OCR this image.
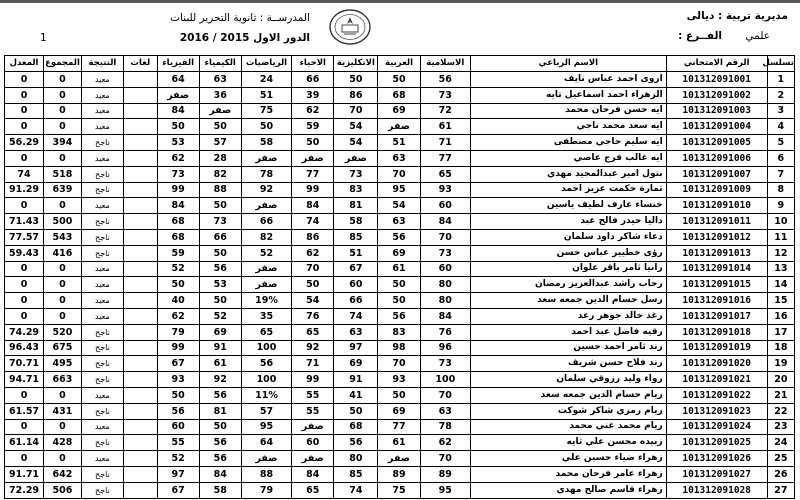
مديرية تربية : ديالى
الفــرع : علمي
المدرســة : ثانوية التحرير للبنات
الدور الاول 2015 / 2016
1
تسلسل	الرقم الامتحاني	الاسم الرباعي	الاسلامية	العربية	الانكليزية	الاحياء	الرياضيات	الكيمياء	الفيزياء	لغات	النتيجة	المجموع	المعدل
1	101312091001	اروى احمد عباس نايف	56	50	50	66	24	63	64		معيد	0	0
2	101312091002	الزهراء احمد اسماعيل تايه	73	68	86	39	51	36	صفر		معيد	0	0
3	101312091003	ايه حسن فرحان محمد	72	69	70	62	75	صفر	84		معيد	0	0
4	101312091004	ايه سعد محمد ناجي	61	صفر	54	59	50	50	50		معيد	0	0
5	101312091005	ايه سليم حاجي مصطفى	71	51	54	50	58	57	53		ناجح	394	56.29
6	101312091006	ايه غالب فرج عاصي	77	63	صفر	صفر	صفر	28	62		معيد	0	0
7	101312091007	بتول امير عبدالمجيد مهدي	65	70	73	77	78	82	73		ناجح	518	74
8	101312091009	ثمارة حكمت عزيز احمد	93	95	83	99	92	88	99		ناجح	639	91.29
9	101312091010	خنساء عارف لطيف ياسين	60	54	81	84	صفر	50	84		معيد	0	0
10	101312091011	داليا حيدر فالح عبد	84	63	58	74	66	73	68		ناجح	500	71.43
11	101312091012	دعاء شاكر داود سلمان	70	56	85	86	82	66	68		ناجح	543	77.57
12	101312091013	رؤى خطيير عباس حسن	73	69	51	62	52	50	59		ناجح	416	59.43
13	101312091014	رانيا ثامر باقر علوان	60	61	67	70	صفر	56	52		معيد	0	0
14	101312091015	رحاب راشد عبدالعزيز رمضان	80	50	60	50	صفر	53	50		معيد	0	0
15	101312091016	رسل حسام الدين جمعه سعد	80	50	66	54	19%	50	40		معيد	0	0
16	101312091017	رغد خالد جوهر رعد	84	56	74	76	35	52	62		معيد	0	0
17	101312091018	رقيه فاضل عبد احمد	76	83	63	65	65	69	79		ناجح	520	74.29
18	101312091019	رند ثامر احمد حسين	96	98	97	92	100	91	99		ناجح	675	96.43
19	101312091020	رند فلاح حسن شريف	73	70	69	71	56	61	67		ناجح	495	70.71
20	101312091021	رواء وليد رزوقي سلمان	100	93	91	99	100	92	93		ناجح	663	94.71
21	101312091022	ريام حسام الدين جمعه سعد	70	50	41	55	11%	56	50		معيد	0	0
22	101312091023	ريام رمزي شاكر شوكت	63	69	50	55	57	81	56		ناجح	431	61.57
23	101312091024	ريام محمد غني محمد	78	77	68	صفر	95	50	60		معيد	0	0
24	101312091025	زبيده محسن علي ثايه	62	61	56	60	64	56	55		ناجح	428	61.14
25	101312091026	زهراء ضياء حسين علي	70	صفر	80	صفر	صفر	56	52		معيد	0	0
26	101312091027	زهراء عامر فرحان محمد	89	89	85	84	88	84	97		ناجح	642	91.71
27	101312091028	زهراء قاسم صالح مهدي	95	75	74	65	79	58	67		ناجح	506	72.29
